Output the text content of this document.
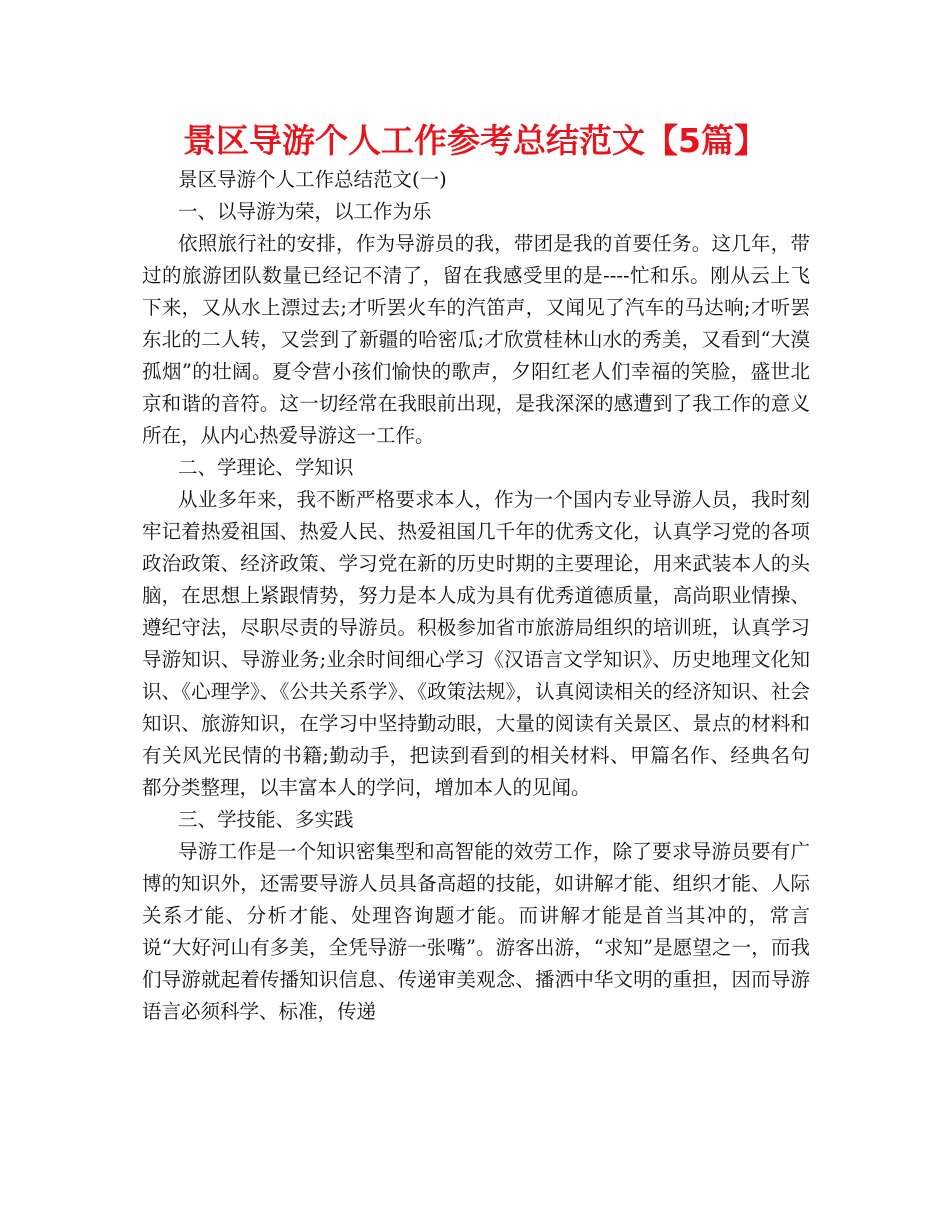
景区导游个人工作参考总结范文【5篇】

景区导游个人工作总结范文(一)

一、以导游为荣，以工作为乐

依照旅行社的安排，作为导游员的我，带团是我的首要任务。这几年，带过的旅游团队数量已经记不清了，留在我感受里的是----忙和乐。刚从云上飞下来，又从水上漂过去;才听罢火车的汽笛声，又闻见了汽车的马达响;才听罢东北的二人转，又尝到了新疆的哈密瓜;才欣赏桂林山水的秀美，又看到“大漠孤烟”的壮阔。夏令营小孩们愉快的歌声，夕阳红老人们幸福的笑脸，盛世北京和谐的音符。这一切经常在我眼前出现，是我深深的感遭到了我工作的意义所在，从内心热爱导游这一工作。

二、学理论、学知识

从业多年来，我不断严格要求本人，作为一个国内专业导游人员，我时刻牢记着热爱祖国、热爱人民、热爱祖国几千年的优秀文化，认真学习党的各项政治政策、经济政策、学习党在新的历史时期的主要理论，用来武装本人的头脑，在思想上紧跟情势，努力是本人成为具有优秀道德质量，高尚职业情操、遵纪守法，尽职尽责的导游员。积极参加省市旅游局组织的培训班，认真学习导游知识、导游业务;业余时间细心学习《汉语言文学知识》、历史地理文化知识、《心理学》、《公共关系学》、《政策法规》，认真阅读相关的经济知识、社会知识、旅游知识，在学习中坚持勤动眼，大量的阅读有关景区、景点的材料和有关风光民情的书籍;勤动手，把读到看到的相关材料、甲篇名作、经典名句都分类整理，以丰富本人的学问，增加本人的见闻。

三、学技能、多实践

导游工作是一个知识密集型和高智能的效劳工作，除了要求导游员要有广博的知识外，还需要导游人员具备高超的技能，如讲解才能、组织才能、人际关系才能、分析才能、处理咨询题才能。而讲解才能是首当其冲的，常言说“大好河山有多美，全凭导游一张嘴”。游客出游，“求知”是愿望之一，而我们导游就起着传播知识信息、传递审美观念、播洒中华文明的重担，因而导游语言必须科学、标准，传递
